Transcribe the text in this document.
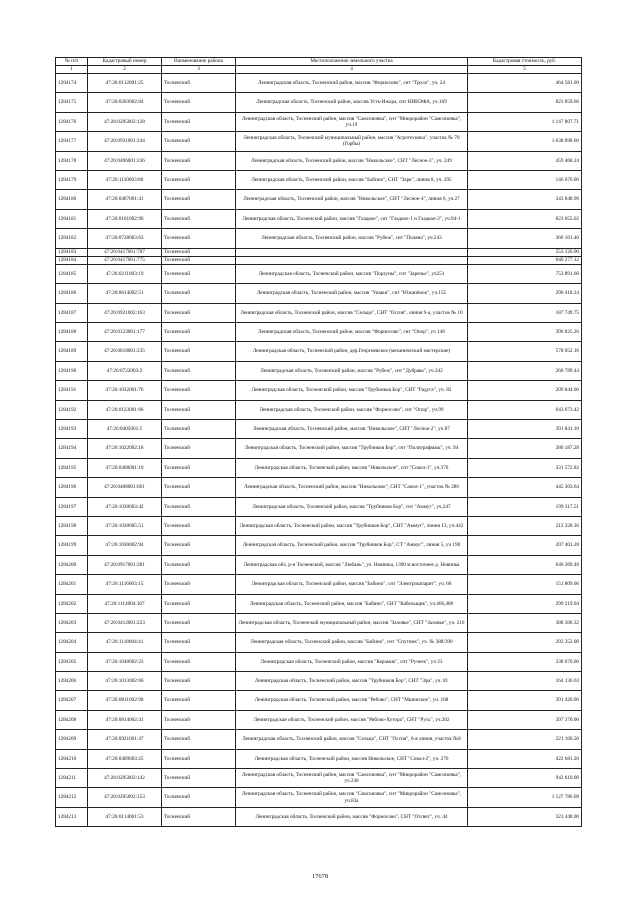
№ п/п	Кадастровый номер	Наименование района	Местоположение земельного участка	Кадастровая стоимость, руб.
1	2	3	4	5
1284174	47:26:0112001:25	Тосненский	Ленинградская область, Тосненский район, массив "Форносово", снт "Тролл", уч. 24	464 581.00
1284175	47:26:0203002:84	Тосненский	Ленинградская область, Тосненский район, массив Усть-Ижора, снт НИИЭФА, уч.169	823 859.66
1284176	47:26:0205002:128	Тосненский	Ленинградская область, Тосненский район, массив "Самсоновка", снт "Микрорайон "Самсоновка", уч.19	1 147 807.71
1284177	47:26:0931001:244	Тосненский	Ленинградская область, Тосненский муниципальный район, массив "Агротехника", участок № 70 (Горбы)	1 638 898.60
1284178	47:26:0406001:236	Тосненский	Ленинградская область, Тосненский район, массив "Никольское", СНТ "Лесное-3", уч. 249	459 468.24
1284179	47:26:1110003:80	Тосненский	Ленинградская область, Тосненский район, массив "Бабино", СНТ "Заря", линия 8, уч. 295	146 676.00
1284180	47:26:0407001:41	Тосненский	Ленинградская область, Тосненский район, массив "Никольское", СНТ "Лесное-4", линия 6, уч.27	343 848.96
1284181	47:26:0101002:96	Тосненский	Ленинградская область, Тосненский район, массив "Гладкое", снт "Гладкое-1 и Гладкое-2", уч.94-1	823 655.02
1284182	47:26:0728003:63	Тосненский	Ленинградская область, Тосненский район, массив "Рубеж", снт "Поляна", уч.243	366 161.40
1284183	47:26:0417001:787	Тосненский		553 120.00
1284184	47:26:0417001:775	Тосненский		640 277.12
1284185	47:26:0211003:19	Тосненский	Ленинградская область, Тосненский район, массив "Порзуны", снт "Заречье", уч251	753 891.60
1284186	47:26:0614002:51	Тосненский	Ленинградская область, Тосненский район, массив "Ушаки", снт "Южанёнок", уч.155	290 418.24
1284187	47:26:0921002:163	Тосненский	Ленинградская область, Тосненский район, массив "Сельцо", СНТ "Оссия", линия 9-а, участок № 10	187 749.75
1284188	47:26:0123001:177	Тосненский	Ленинградская область, Тосненский район, массив "Форносово", снт "Опор", уч 148	390 825.26
1284189	47:26:0818001:235	Тосненский	Ленинградская область, Тосненский район, дер.Георгиевское (механический мастерские)	578 052.16
1284190	47:26:0722003:2	Тосненский	Ленинградская область, Тосненский район, массив "Рубеж", снт "Дубрава", уч.342	260 789.44
1284191	47:26:1032001:76	Тосненский	Ленинградская область, Тосненский район, массив "Трубников Бор", СНТ "Радуга", уч. 83	209 844.00
1284192	47:26:0123001:66	Тосненский	Ленинградская область, Тосненский район, массив "Форносово", снт "Опор", уч.99	643 673.42
1284193	47:26:0405001:5	Тосненский	Ленинградская область, Тосненский район, массив "Никольское", СНТ "Лесное-2", уч.87	391 841.10
1284194	47:26:1022002:18	Тосненский	Ленинградская область, Тосненский район, массив "Трубников Бор", снт "Полиграфмаш", уч. 94	286 187.28
1284195	47:26:0408001:10	Тосненский	Ленинградская область, Тосненский район, массив "Никольское", снт "Сокол-1", уч.370	331 572.82
1284196	47:26:0408001:661	Тосненский	Ленинградская область, Тосненский район, массив "Никольское", СНТ "Сокол-1", участок № 286	445 303.64
1284197	47:26:1030003:42	Тосненский	Ленинградская область, Тосненский район, массив "Трубников Бор", снт "Аммуг", уч.247	199 317.51
1284198	47:26:1030005:51	Тосненский	Ленинградская область, Тосненский район, массив "Трубников Бор", СНТ "Аммуг", линия 13, уч.442	212 328.36
1284199	47:26:1030002:94	Тосненский	Ленинградская область, Тосненский район, массив "Трубников Бор", СТ "Аммуг", линия 5, уч 190	207 401.28
1284200	47:26:0917001:381	Тосненский	Ленинградская обл, р-н Тосненский, массив "Любань", ул. Новинка, 1300 м восточнее д. Новинка	646 269.48
1284201	47:26:1116003:15	Тосненский	Ленинградская область, Тосненский район, массив "Бабино", снт "Электрошпарит", уч. 68	151 809.66
1284202	47:26:1114004:107	Тосненский	Ленинградская область, Тосненский район, массив "Бабино", СНТ "Кабельщик", уч.466,468	299 219.04
1284203	47:26:0412001:223	Тосненский	Ленинградская область, Тосненский муниципальный район, массив "Заховье", СНТ "Заховье", уч. 210	388 506.32
1284204	47:26:1118004:41	Тосненский	Ленинградская область, Тосненский район, массив "Бабино", снт "Спутник", уч. № 388/390	293 352.00
1284205	47:26:1040002:23	Тосненский	Ленинградская область, Тосненский район, массив "Керамик", снт "Ручеек", уч 23	338 670.00
1284206	47:26:1013002:66	Тосненский	Ленинградская область, Тосненский район, массив "Трубников Бор", СНТ "Эра", уч. 81	164 136.63
1284207	47:26:0811002:98	Тосненский	Ленинградская область, Тосненский район, массив "Рябово", СНТ "Мшинское", уч. 168	391 420.00
1284208	47:26:0814002:41	Тосненский	Ленинградская область, Тосненский район, массив "Рябово-Хутора", СНТ "Русь", уч.202	397 370.00
1284209	47:26:0921001:47	Тосненский	Ленинградская область, Тосненский район, массив "Сельцо", СНТ "Оссия", 6-я линия, участок №8	221 160.50
1284210	47:26:0409003:25	Тосненский	Ленинградская область, Тосненский район, массив Никольское, СНТ "Сокол-2", уч. 270	422 681.20
1284211	47:26:0205002:142	Тосненский	Ленинградская область, Тосненский район, массив "Самсоновка", снт "Микрорайон "Самсоновка", уч.238	942 610.00
1284212	47:26:0205002:153	Тосненский	Ленинградская область, Тосненский район, массив "Самсоновка", снт "Микрорайон "Самсоновка", уч.83а	1 127 786.08
1284213	47:26:0114001:53	Тосненский	Ленинградская область, Тосненский район, массив "Форносово", СНТ "Отсвет", уч. 44	323 448.00
17678
